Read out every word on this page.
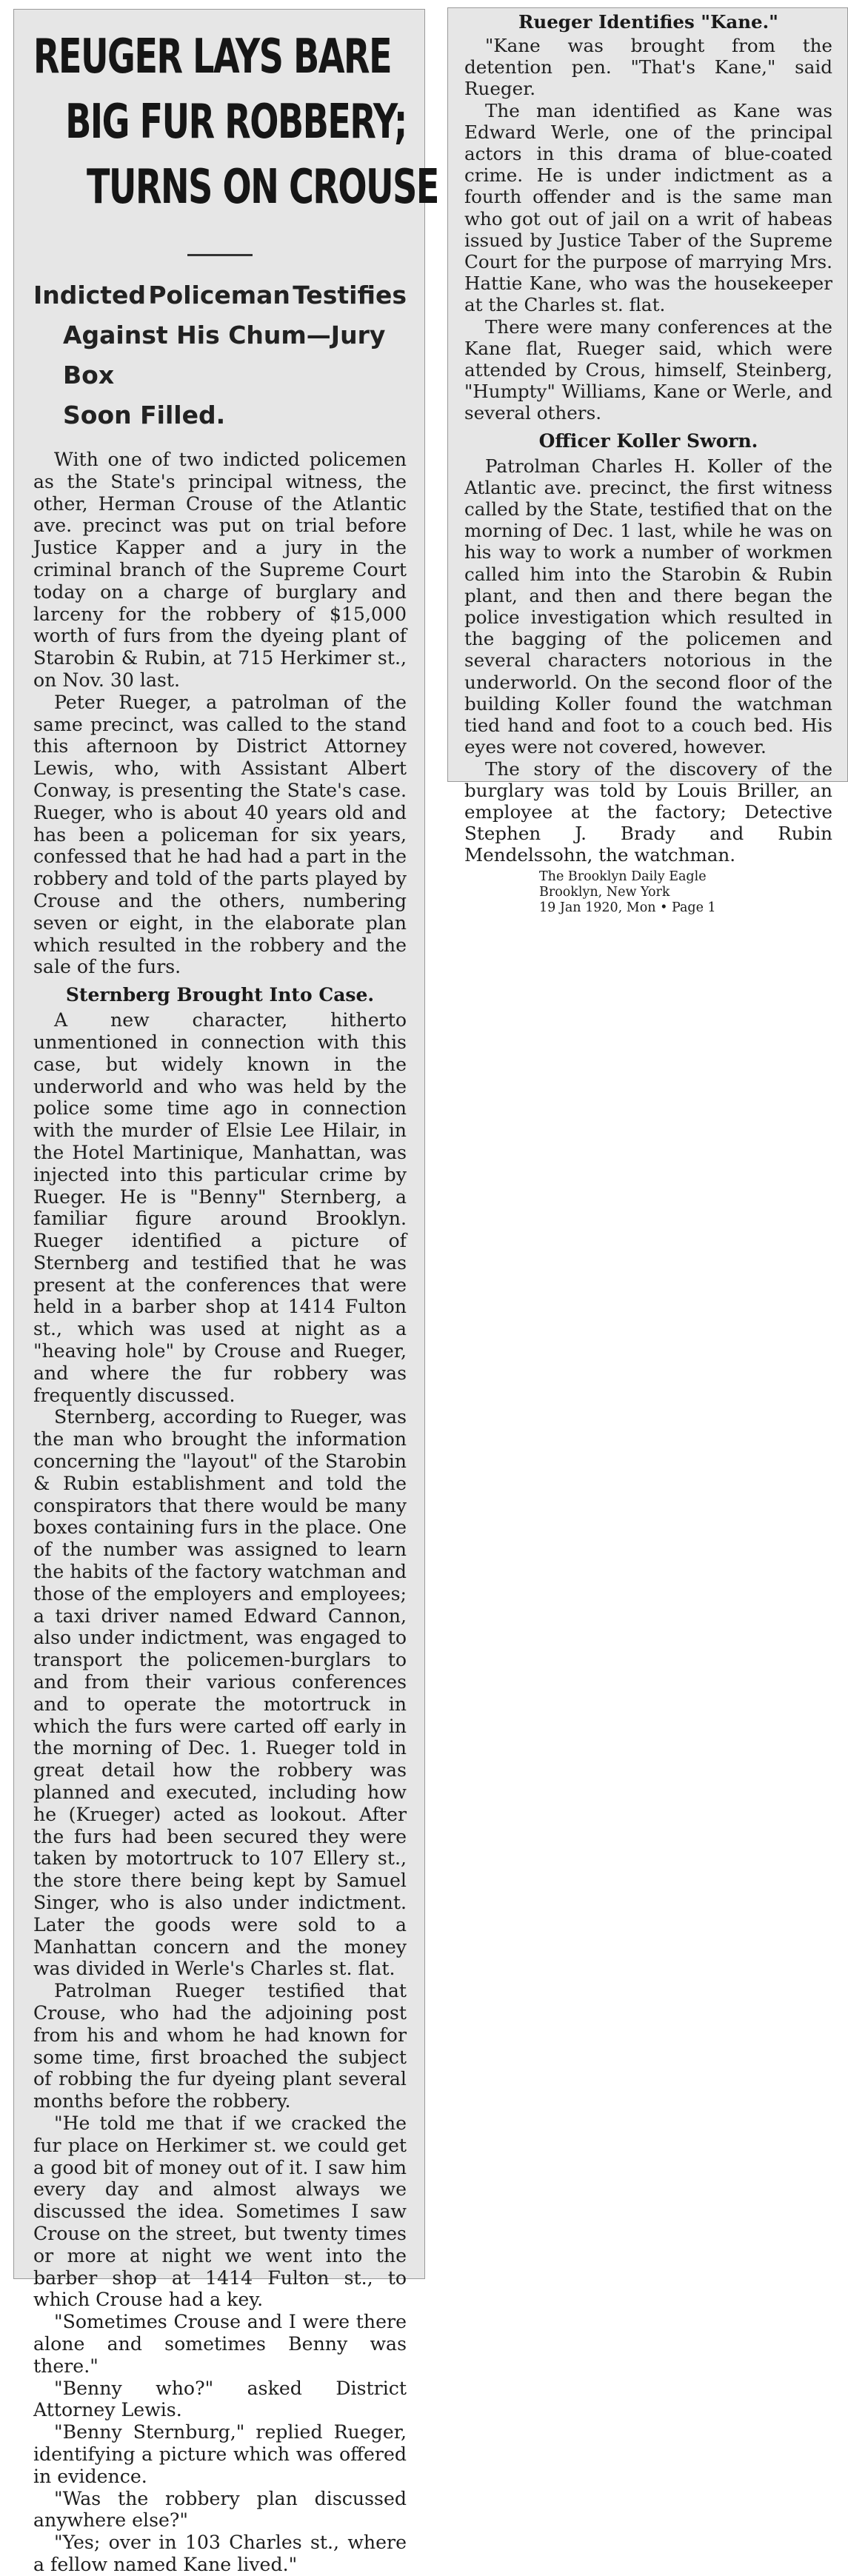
REUGER LAYS BARE
BIG FUR ROBBERY;
TURNS ON CROUSE
Indicted Policeman Testifies
Against His Chum—Jury Box
Soon Filled.

With one of two indicted policemen as the State's principal witness, the other, Herman Crouse of the Atlantic ave. precinct was put on trial before Justice Kapper and a jury in the criminal branch of the Supreme Court today on a charge of burglary and larceny for the robbery of $15,000 worth of furs from the dyeing plant of Starobin & Rubin, at 715 Herkimer st., on Nov. 30 last.

Peter Rueger, a patrolman of the same precinct, was called to the stand this afternoon by District Attorney Lewis, who, with Assistant Albert Conway, is presenting the State's case. Rueger, who is about 40 years old and has been a policeman for six years, confessed that he had had a part in the robbery and told of the parts played by Crouse and the others, numbering seven or eight, in the elaborate plan which resulted in the robbery and the sale of the furs.

Sternberg Brought Into Case.

A new character, hitherto unmentioned in connection with this case, but widely known in the underworld and who was held by the police some time ago in connection with the murder of Elsie Lee Hilair, in the Hotel Martinique, Manhattan, was injected into this particular crime by Rueger. He is "Benny" Sternberg, a familiar figure around Brooklyn. Rueger identified a picture of Sternberg and testified that he was present at the conferences that were held in a barber shop at 1414 Fulton st., which was used at night as a "heaving hole" by Crouse and Rueger, and where the fur robbery was frequently discussed.

Sternberg, according to Rueger, was the man who brought the information concerning the "layout" of the Starobin & Rubin establishment and told the conspirators that there would be many boxes containing furs in the place. One of the number was assigned to learn the habits of the factory watchman and those of the employers and employees; a taxi driver named Edward Cannon, also under indictment, was engaged to transport the policemen-burglars to and from their various conferences and to operate the motortruck in which the furs were carted off early in the morning of Dec. 1. Rueger told in great detail how the robbery was planned and executed, including how he (Krueger) acted as lookout. After the furs had been secured they were taken by motortruck to 107 Ellery st., the store there being kept by Samuel Singer, who is also under indictment. Later the goods were sold to a Manhattan concern and the money was divided in Werle's Charles st. flat.

Patrolman Rueger testified that Crouse, who had the adjoining post from his and whom he had known for some time, first broached the subject of robbing the fur dyeing plant several months before the robbery.

"He told me that if we cracked the fur place on Herkimer st. we could get a good bit of money out of it. I saw him every day and almost always we discussed the idea. Sometimes I saw Crouse on the street, but twenty times or more at night we went into the barber shop at 1414 Fulton st., to which Crouse had a key.

"Sometimes Crouse and I were there alone and sometimes Benny was there."

"Benny who?" asked District Attorney Lewis.

"Benny Sternburg," replied Rueger, identifying a picture which was offered in evidence.

"Was the robbery plan discussed anywhere else?"

"Yes; over in 103 Charles st., where a fellow named Kane lived."

Rueger Identifies "Kane."

"Kane was brought from the detention pen. "That's Kane," said Rueger.

The man identified as Kane was Edward Werle, one of the principal actors in this drama of blue-coated crime. He is under indictment as a fourth offender and is the same man who got out of jail on a writ of habeas issued by Justice Taber of the Supreme Court for the purpose of marrying Mrs. Hattie Kane, who was the housekeeper at the Charles st. flat.

There were many conferences at the Kane flat, Rueger said, which were attended by Crous, himself, Steinberg, "Humpty" Williams, Kane or Werle, and several others.

Officer Koller Sworn.

Patrolman Charles H. Koller of the Atlantic ave. precinct, the first witness called by the State, testified that on the morning of Dec. 1 last, while he was on his way to work a number of workmen called him into the Starobin & Rubin plant, and then and there began the police investigation which resulted in the bagging of the policemen and several characters notorious in the underworld. On the second floor of the building Koller found the watchman tied hand and foot to a couch bed. His eyes were not covered, however.

The story of the discovery of the burglary was told by Louis Briller, an employee at the factory; Detective Stephen J. Brady and Rubin Mendelssohn, the watchman.

The Brooklyn Daily Eagle
Brooklyn, New York
19 Jan 1920, Mon • Page 1
